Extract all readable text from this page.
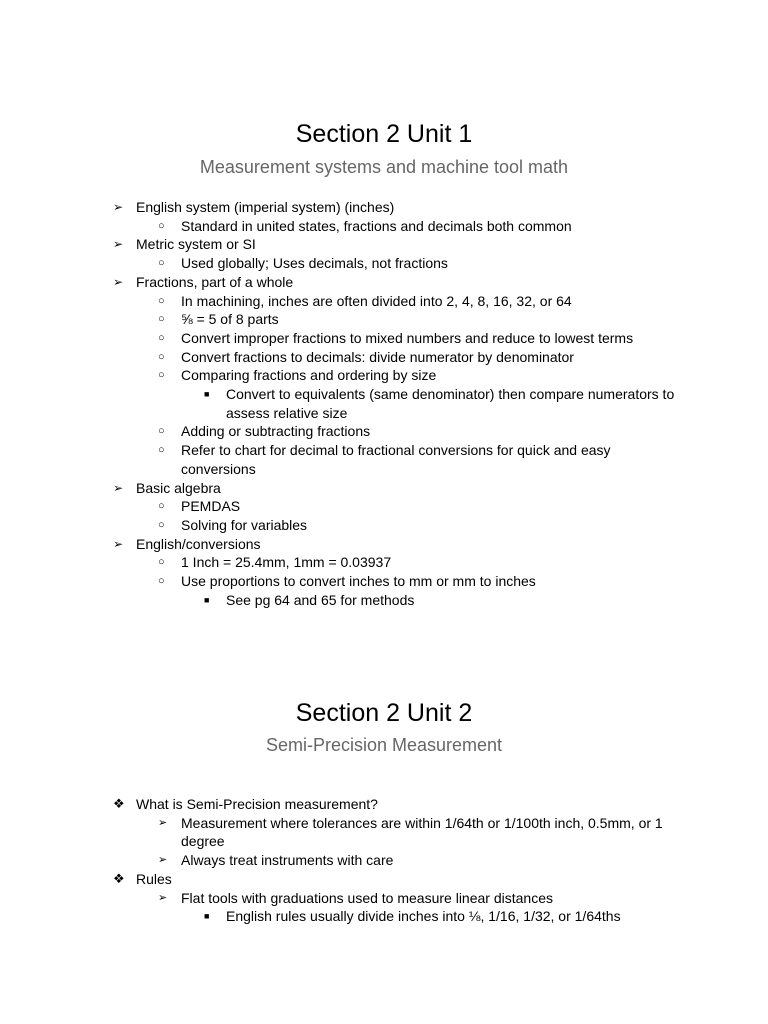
Section 2 Unit 1
Measurement systems and machine tool math
➢ English system (imperial system) (inches)
○	Standard in united states, fractions and decimals both common
➢ Metric system or SI
○	Used globally; Uses decimals, not fractions
➢ Fractions, part of a whole
○	In machining, inches are often divided into 2, 4, 8, 16, 32, or 64
○	⅝ = 5 of 8 parts
○	Convert improper fractions to mixed numbers and reduce to lowest terms
○	Convert fractions to decimals: divide numerator by denominator
○	Comparing fractions and ordering by size
■	Convert to equivalents (same denominator) then compare numerators to assess relative size
○	Adding or subtracting fractions
○	Refer to chart for decimal to fractional conversions for quick and easy conversions
➢ Basic algebra
○	PEMDAS
○	Solving for variables
➢ English/conversions
○	1 Inch = 25.4mm, 1mm = 0.03937
○	Use proportions to convert inches to mm or mm to inches
■	See pg 64 and 65 for methods
Section 2 Unit 2
Semi-Precision Measurement
❖ What is Semi-Precision measurement?
➢ Measurement where tolerances are within 1/64th or 1/100th inch, 0.5mm, or 1 degree
➢ Always treat instruments with care
❖ Rules
➢ Flat tools with graduations used to measure linear distances
■	English rules usually divide inches into ⅛, 1/16, 1/32, or 1/64ths
